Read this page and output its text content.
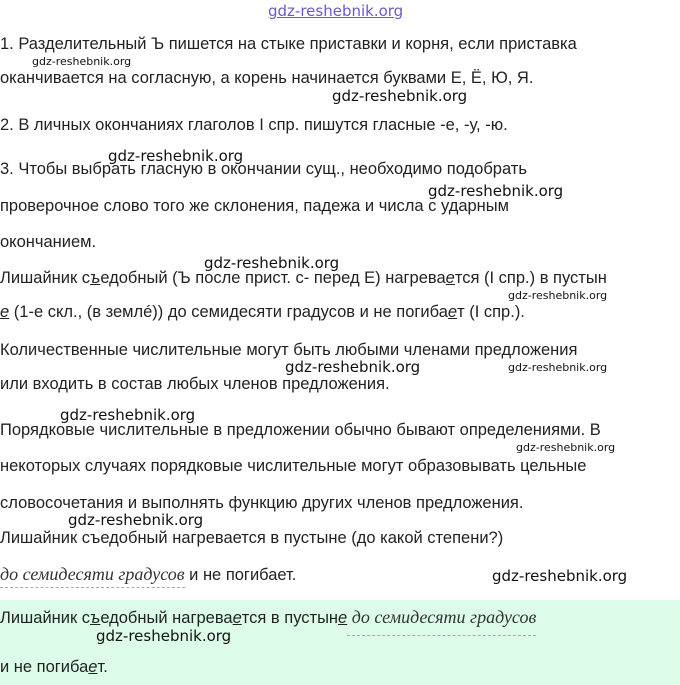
gdz-reshebnik.org
1. Разделительный Ъ пишется на стыке приставки и корня, если приставка
gdz-reshebnik.org
оканчивается на согласную, а корень начинается буквами Е, Ё, Ю, Я.
gdz-reshebnik.org
2. В личных окончаниях глаголов I спр. пишутся гласные -е, -у, -ю.
gdz-reshebnik.org
3. Чтобы выбрать гласную в окончании сущ., необходимо подобрать
gdz-reshebnik.org
проверочное слово того же склонения, падежа и числа с ударным
окончанием.
gdz-reshebnik.org
Лишайник съедобный (Ъ после прист. с- перед Е) нагревается (I спр.) в пустын
gdz-reshebnik.org
е (1-е скл., (в землé)) до семидесяти градусов и не погибает (I спр.).
Количественные числительные могут быть любыми членами предложения
gdz-reshebnik.org	gdz-reshebnik.org
или входить в состав любых членов предложения.
gdz-reshebnik.org
Порядковые числительные в предложении обычно бывают определениями. В
gdz-reshebnik.org
некоторых случаях порядковые числительные могут образовывать цельные
словосочетания и выполнять функцию других членов предложения.
gdz-reshebnik.org
Лишайник съедобный нагревается в пустыне (до какой степени?)
до семидесяти градусов и не погибает.	gdz-reshebnik.org
Лишайник съедобный нагревается в пустыне до семидесяти градусов
gdz-reshebnik.org
и не погибает.
